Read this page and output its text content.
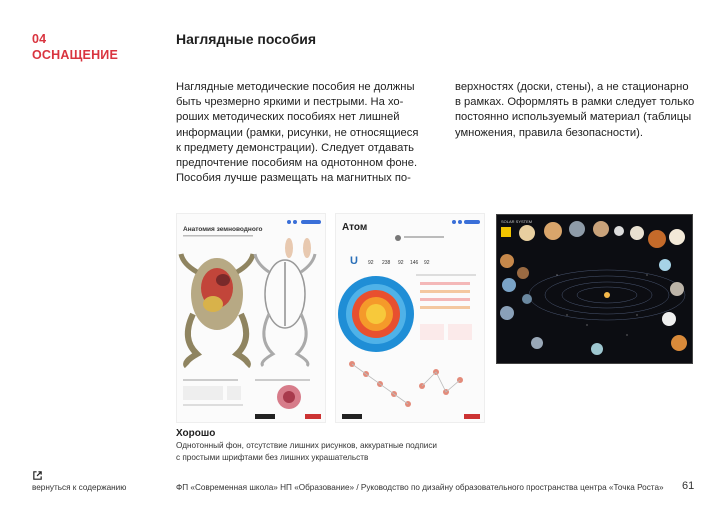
04
ОСНАЩЕНИЕ
Наглядные пособия

Наглядные методические пособия не должны

быть чрезмерно яркими и пестрыми. На хо-

роших методических пособиях нет лишней

информации (рамки, рисунки, не относящиеся

к предмету демонстрации). Следует отдавать

предпочтение пособиям на однотонном фоне.

Пособия лучше размещать на магнитных по-

верхностях (доски, стены), а не стационарно

в рамках. Оформлять в рамки следует только

постоянно используемый материал (таблицы

умножения, правила безопасности).

Анатомия земноводного	Атом
U 92 238 92 146 92
SOLAR SYSTEM
Хорошо

Однотонный фон, отсутствие лишних рисунков, аккуратные подписи

с простыми шрифтами без лишних украшательств

вернуться к содержанию	ФП «Современная школа» НП «Образование» / Руководство по дизайну образовательного пространства центра «Точка Роста» 61
